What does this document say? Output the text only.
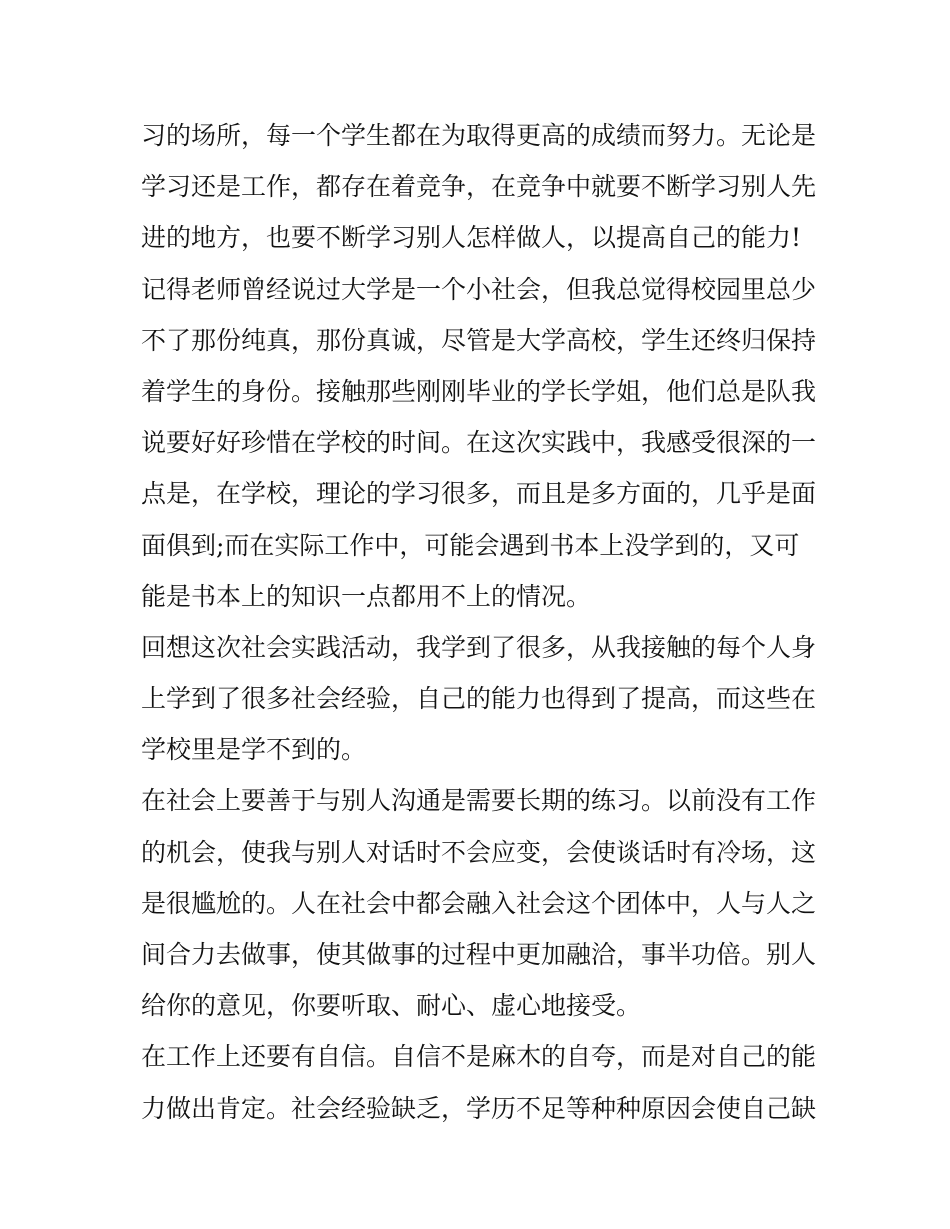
习的场所，每一个学生都在为取得更高的成绩而努力。无论是
学习还是工作，都存在着竞争，在竞争中就要不断学习别人先
进的地方，也要不断学习别人怎样做人，以提高自己的能力!
记得老师曾经说过大学是一个小社会，但我总觉得校园里总少
不了那份纯真，那份真诚，尽管是大学高校，学生还终归保持
着学生的身份。接触那些刚刚毕业的学长学姐，他们总是队我
说要好好珍惜在学校的时间。在这次实践中，我感受很深的一
点是，在学校，理论的学习很多，而且是多方面的，几乎是面
面俱到;而在实际工作中，可能会遇到书本上没学到的，又可
能是书本上的知识一点都用不上的情况。
回想这次社会实践活动，我学到了很多，从我接触的每个人身
上学到了很多社会经验，自己的能力也得到了提高，而这些在
学校里是学不到的。
在社会上要善于与别人沟通是需要长期的练习。以前没有工作
的机会，使我与别人对话时不会应变，会使谈话时有冷场，这
是很尴尬的。人在社会中都会融入社会这个团体中，人与人之
间合力去做事，使其做事的过程中更加融洽，事半功倍。别人
给你的意见，你要听取、耐心、虚心地接受。
在工作上还要有自信。自信不是麻木的自夸，而是对自己的能
力做出肯定。社会经验缺乏，学历不足等种种原因会使自己缺
